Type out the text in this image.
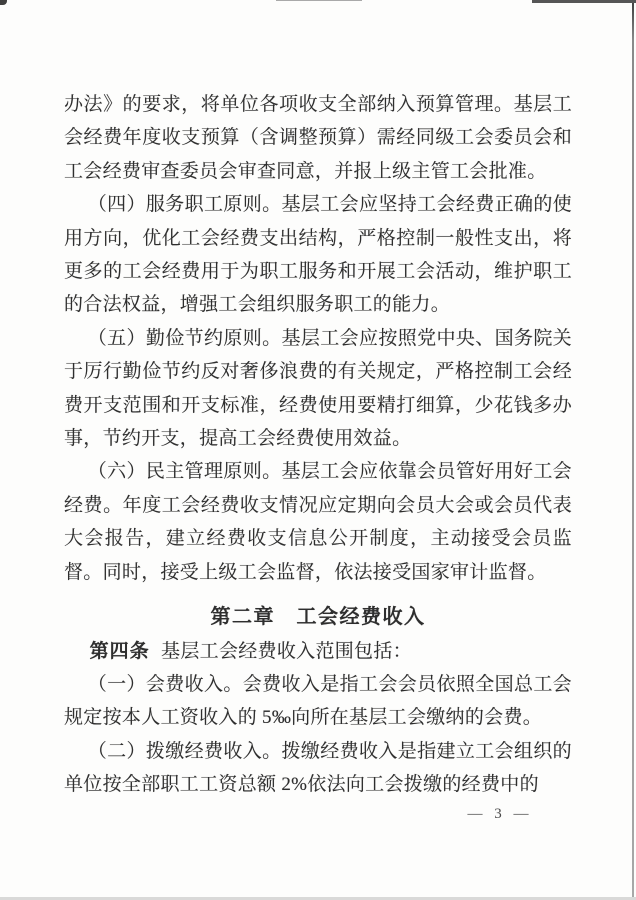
办法》的要求，将单位各项收支全部纳入预算管理。基层工会经费年度收支预算（含调整预算）需经同级工会委员会和工会经费审查委员会审查同意，并报上级主管工会批准。

（四）服务职工原则。基层工会应坚持工会经费正确的使用方向，优化工会经费支出结构，严格控制一般性支出，将更多的工会经费用于为职工服务和开展工会活动，维护职工的合法权益，增强工会组织服务职工的能力。

（五）勤俭节约原则。基层工会应按照党中央、国务院关于厉行勤俭节约反对奢侈浪费的有关规定，严格控制工会经费开支范围和开支标准，经费使用要精打细算，少花钱多办事，节约开支，提高工会经费使用效益。

（六）民主管理原则。基层工会应依靠会员管好用好工会经费。年度工会经费收支情况应定期向会员大会或会员代表大会报告，建立经费收支信息公开制度，主动接受会员监督。同时，接受上级工会监督，依法接受国家审计监督。

第二章　工会经费收入

第四条 基层工会经费收入范围包括：

（一）会费收入。会费收入是指工会会员依照全国总工会规定按本人工资收入的 5‰向所在基层工会缴纳的会费。

（二）拨缴经费收入。拨缴经费收入是指建立工会组织的单位按全部职工工资总额 2%依法向工会拨缴的经费中的

— 3 —
